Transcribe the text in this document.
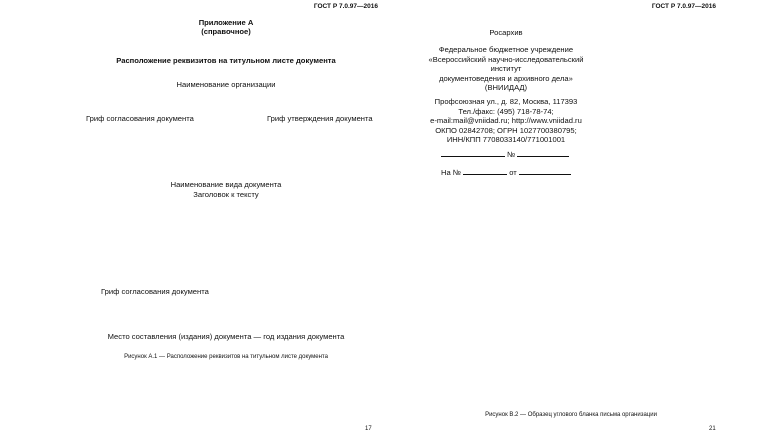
ГОСТ Р 7.0.97—2016
Приложение А
(справочное)
Расположение реквизитов на титульном листе документа
Наименование организации
Гриф согласования документа	Гриф утверждения документа
Наименование вида документа
Заголовок к тексту
Гриф согласования документа
Место составления (издания) документа — год издания документа
Рисунок А.1 — Расположение реквизитов на титульном листе документа
17
ГОСТ Р 7.0.97—2016
Росархив
Федеральное бюджетное учреждение
«Всероссийский научно-исследовательский
институт
документоведения и архивного дела»
(ВНИИДАД)
Профсоюзная ул., д. 82, Москва, 117393
Тел./факс: (495) 718-78-74;
e-mail:mail@vniidad.ru; http://www.vniidad.ru
ОКПО 02842708; ОГРН 1027700380795;
ИНН/КПП 7708033140/771001001
№
На №	от
Рисунок В.2 — Образец углового бланка письма организации
21
